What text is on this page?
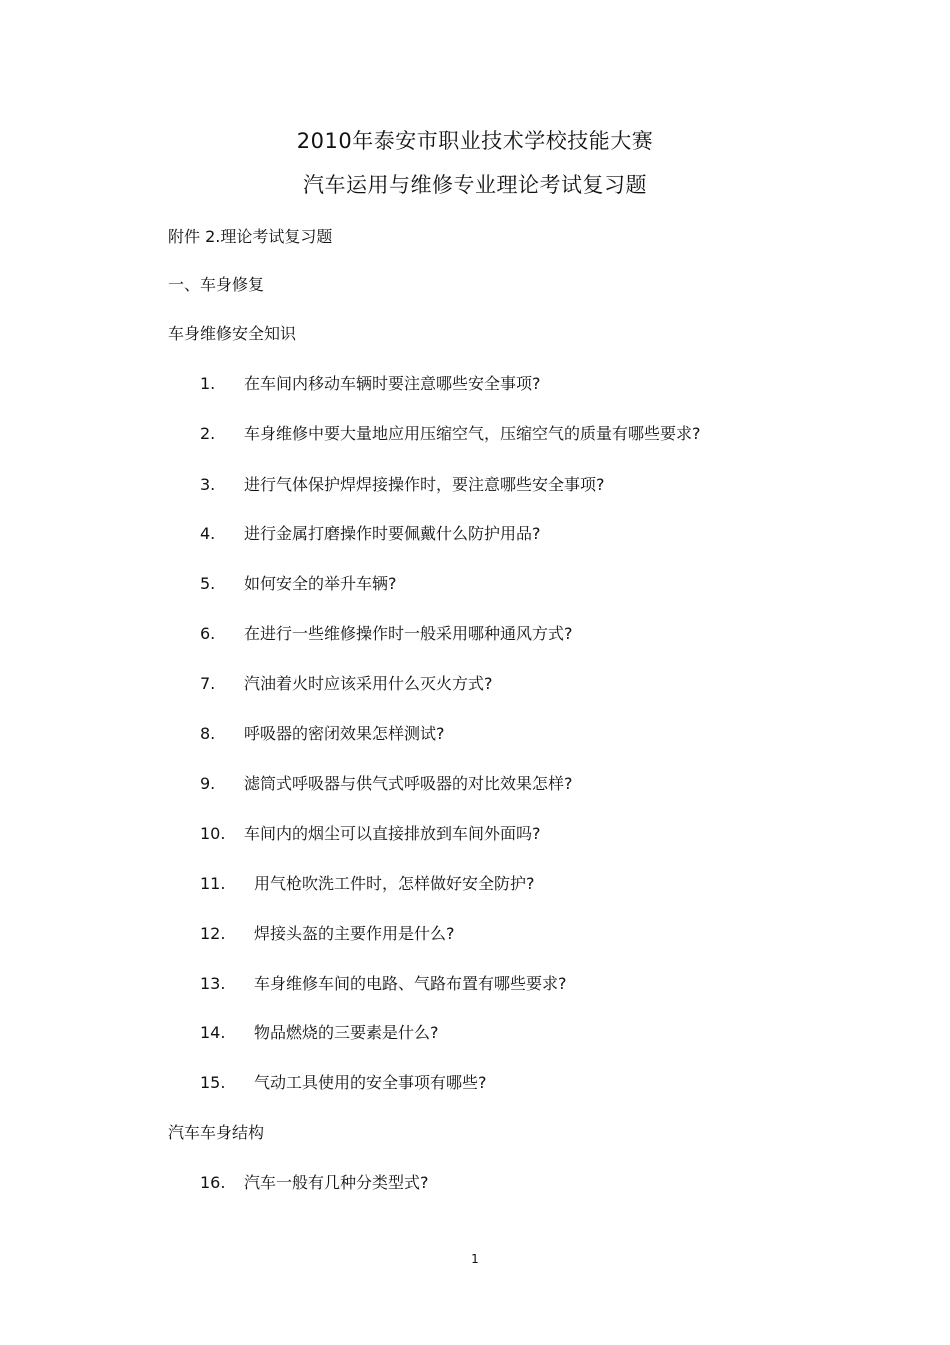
2010年泰安市职业技术学校技能大赛
汽车运用与维修专业理论考试复习题
附件 2.理论考试复习题
一、车身修复
车身维修安全知识
1. 在车间内移动车辆时要注意哪些安全事项?
2. 车身维修中要大量地应用压缩空气，压缩空气的质量有哪些要求?
3. 进行气体保护焊焊接操作时，要注意哪些安全事项?
4. 进行金属打磨操作时要佩戴什么防护用品?
5. 如何安全的举升车辆?
6. 在进行一些维修操作时一般采用哪种通风方式?
7. 汽油着火时应该采用什么灭火方式?
8. 呼吸器的密闭效果怎样测试?
9. 滤筒式呼吸器与供气式呼吸器的对比效果怎样?
10. 车间内的烟尘可以直接排放到车间外面吗?
11. 用气枪吹洗工件时，怎样做好安全防护?
12. 焊接头盔的主要作用是什么?
13. 车身维修车间的电路、气路布置有哪些要求?
14. 物品燃烧的三要素是什么?
15. 气动工具使用的安全事项有哪些?
汽车车身结构
16. 汽车一般有几种分类型式?
1
